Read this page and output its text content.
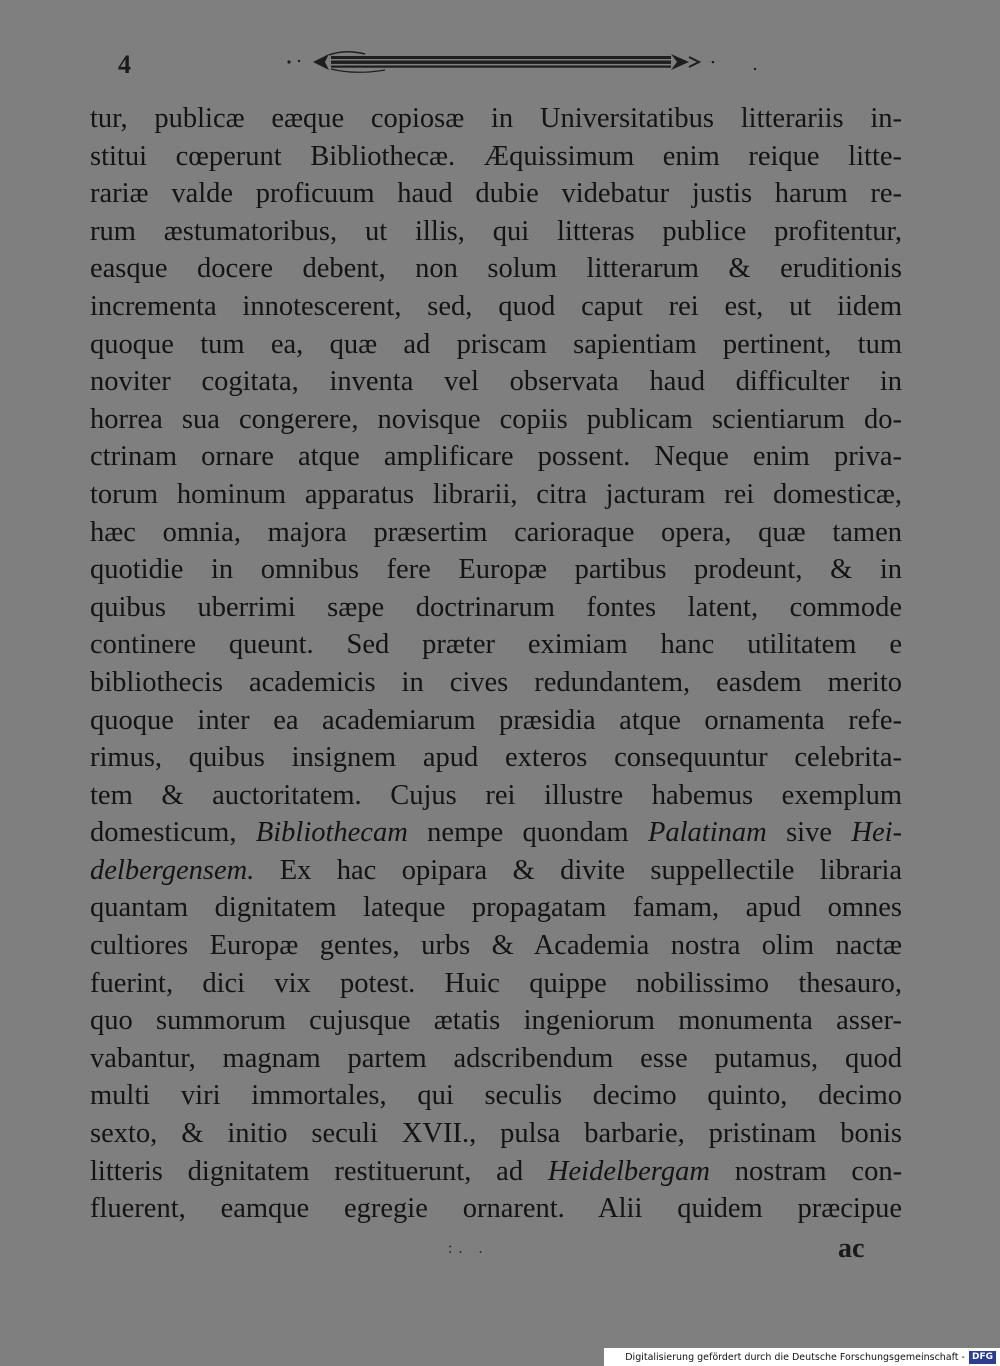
4
tur, publicæ eæque copiosæ in Universitatibus litterariis in-
stitui cœperunt Bibliothecæ. Æquissimum enim reique litte-
rariæ valde proficuum haud dubie videbatur justis harum re-
rum æstumatoribus, ut illis, qui litteras publice profitentur,
easque docere debent, non solum litterarum & eruditionis
incrementa innotescerent, sed, quod caput rei est, ut iidem
quoque tum ea, quæ ad priscam sapientiam pertinent, tum
noviter cogitata, inventa vel observata haud difficulter in
horrea sua congerere, novisque copiis publicam scientiarum do-
ctrinam ornare atque amplificare possent. Neque enim priva-
torum hominum apparatus librarii, citra jacturam rei domesticæ,
hæc omnia, majora præsertim carioraque opera, quæ tamen
quotidie in omnibus fere Europæ partibus prodeunt, & in
quibus uberrimi sæpe doctrinarum fontes latent, commode
continere queunt. Sed præter eximiam hanc utilitatem e
bibliothecis academicis in cives redundantem, easdem merito
quoque inter ea academiarum præsidia atque ornamenta refe-
rimus, quibus insignem apud exteros consequuntur celebrita-
tem & auctoritatem. Cujus rei illustre habemus exemplum
domesticum, Bibliothecam nempe quondam Palatinam sive Hei-
delbergensem. Ex hac opipara & divite suppellectile libraria
quantam dignitatem lateque propagatam famam, apud omnes
cultiores Europæ gentes, urbs & Academia nostra olim nactæ
fuerint, dici vix potest. Huic quippe nobilissimo thesauro,
quo summorum cujusque ætatis ingeniorum monumenta asser-
vabantur, magnam partem adscribendum esse putamus, quod
multi viri immortales, qui seculis decimo quinto, decimo
sexto, & initio seculi XVII., pulsa barbarie, pristinam bonis
litteris dignitatem restituerunt, ad Heidelbergam nostram con-
fluerent, eamque egregie ornarent. Alii quidem præcipue
:. .	ac
Digitalisierung gefördert durch die Deutsche Forschungsgemeinschaft - DFG
